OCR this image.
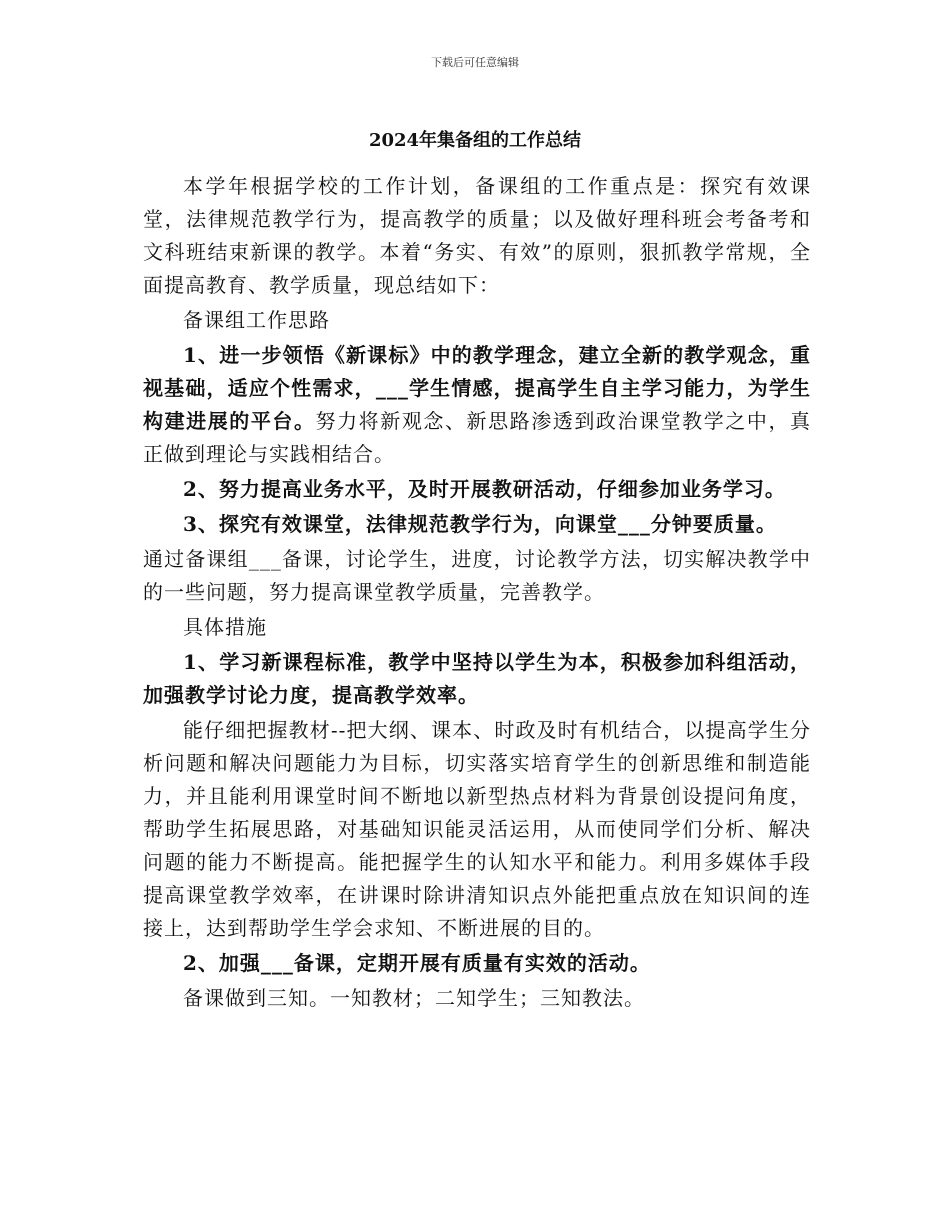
下载后可任意编辑
2024年集备组的工作总结

本学年根据学校的工作计划，备课组的工作重点是：探究有效课堂，法律规范教学行为，提高教学的质量；以及做好理科班会考备考和文科班结束新课的教学。本着“务实、有效”的原则，狠抓教学常规，全面提高教育、教学质量，现总结如下：

备课组工作思路

1、进一步领悟《新课标》中的教学理念，建立全新的教学观念，重视基础，适应个性需求，___学生情感，提高学生自主学习能力，为学生构建进展的平台。努力将新观念、新思路渗透到政治课堂教学之中，真正做到理论与实践相结合。

2、努力提高业务水平，及时开展教研活动，仔细参加业务学习。

3、探究有效课堂，法律规范教学行为，向课堂___分钟要质量。

通过备课组___备课，讨论学生，进度，讨论教学方法，切实解决教学中的一些问题，努力提高课堂教学质量，完善教学。

具体措施

1、学习新课程标准，教学中坚持以学生为本，积极参加科组活动，加强教学讨论力度，提高教学效率。

能仔细把握教材--把大纲、课本、时政及时有机结合，以提高学生分析问题和解决问题能力为目标，切实落实培育学生的创新思维和制造能力，并且能利用课堂时间不断地以新型热点材料为背景创设提问角度，帮助学生拓展思路，对基础知识能灵活运用，从而使同学们分析、解决问题的能力不断提高。能把握学生的认知水平和能力。利用多媒体手段提高课堂教学效率，在讲课时除讲清知识点外能把重点放在知识间的连接上，达到帮助学生学会求知、不断进展的目的。

2、加强___备课，定期开展有质量有实效的活动。

备课做到三知。一知教材；二知学生；三知教法。
